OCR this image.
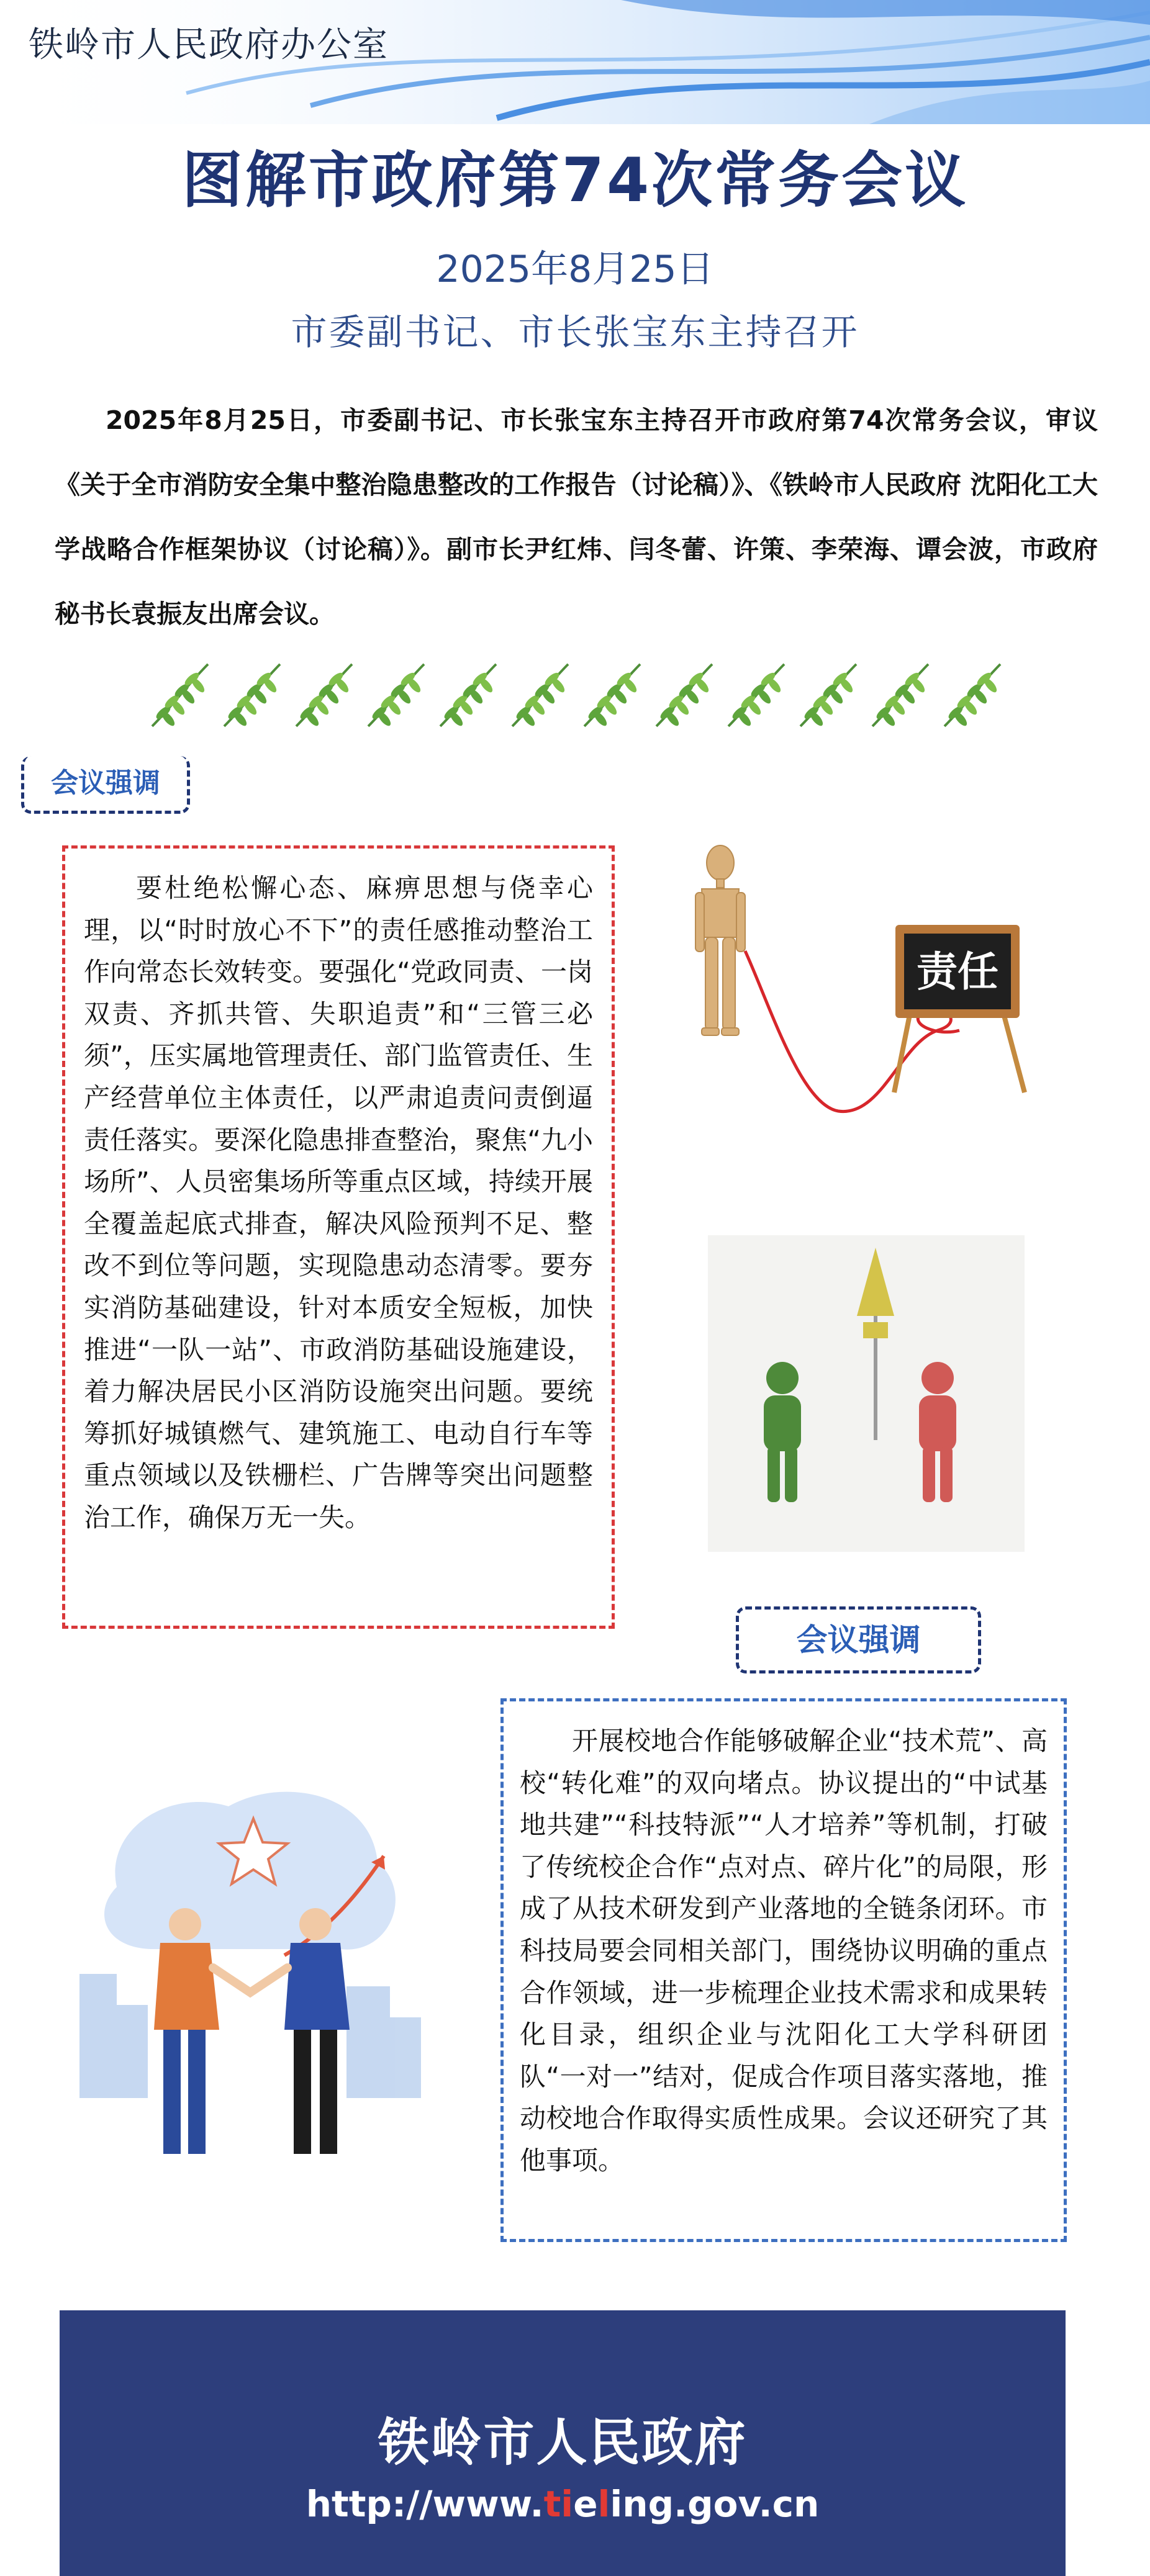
铁岭市人民政府办公室
图解市政府第74次常务会议
2025年8月25日
市委副书记、市长张宝东主持召开
2025年8月25日，市委副书记、市长张宝东主持召开市政府第74次常务会议，审议《关于全市消防安全集中整治隐患整改的工作报告（讨论稿）》、《铁岭市人民政府 沈阳化工大学战略合作框架协议（讨论稿）》。副市长尹红炜、闫冬蕾、许策、李荣海、谭会波，市政府秘书长袁振友出席会议。
会议强调

要杜绝松懈心态、麻痹思想与侥幸心理，以“时时放心不下”的责任感推动整治工作向常态长效转变。要强化“党政同责、一岗双责、齐抓共管、失职追责”和“三管三必须”，压实属地管理责任、部门监管责任、生产经营单位主体责任，以严肃追责问责倒逼责任落实。要深化隐患排查整治，聚焦“九小场所”、人员密集场所等重点区域，持续开展全覆盖起底式排查，解决风险预判不足、整改不到位等问题，实现隐患动态清零。要夯实消防基础建设，针对本质安全短板，加快推进“一队一站”、市政消防基础设施建设，着力解决居民小区消防设施突出问题。要统筹抓好城镇燃气、建筑施工、电动自行车等重点领域以及铁栅栏、广告牌等突出问题整治工作，确保万无一失。

责任
会议强调

开展校地合作能够破解企业“技术荒”、高校“转化难”的双向堵点。协议提出的“中试基地共建”“科技特派”“人才培养”等机制，打破了传统校企合作“点对点、碎片化”的局限，形成了从技术研发到产业落地的全链条闭环。市科技局要会同相关部门，围绕协议明确的重点合作领域，进一步梳理企业技术需求和成果转化目录，组织企业与沈阳化工大学科研团队“一对一”结对，促成合作项目落实落地，推动校地合作取得实质性成果。会议还研究了其他事项。

铁岭市人民政府
http://www.tieling.gov.cn
